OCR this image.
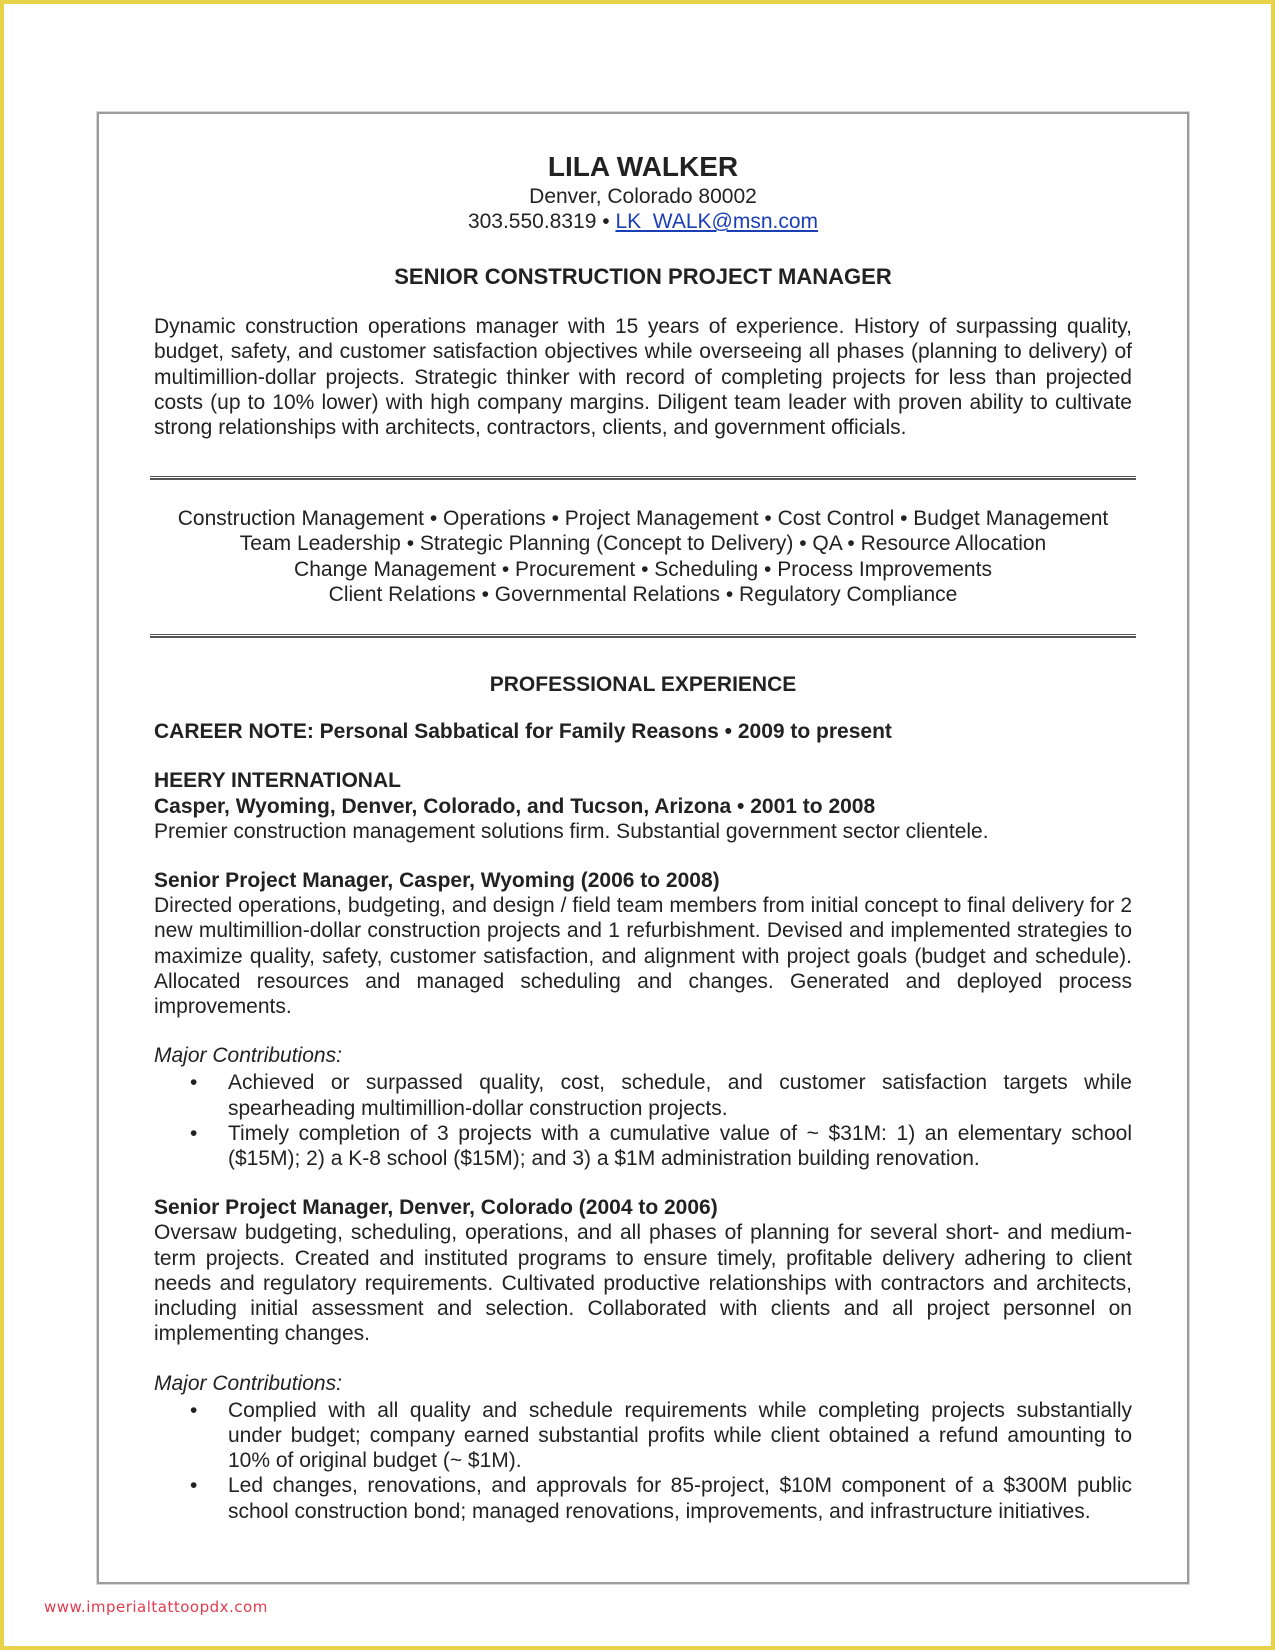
LILA WALKER
Denver, Colorado 80002
303.550.8319 • LK_WALK@msn.com
SENIOR CONSTRUCTION PROJECT MANAGER
Dynamic construction operations manager with 15 years of experience. History of surpassing quality, budget, safety, and customer satisfaction objectives while overseeing all phases (planning to delivery) of multimillion-dollar projects. Strategic thinker with record of completing projects for less than projected costs (up to 10% lower) with high company margins. Diligent team leader with proven ability to cultivate strong relationships with architects, contractors, clients, and government officials.
Construction Management • Operations • Project Management • Cost Control • Budget Management
Team Leadership • Strategic Planning (Concept to Delivery) • QA • Resource Allocation
Change Management • Procurement • Scheduling • Process Improvements
Client Relations • Governmental Relations • Regulatory Compliance
PROFESSIONAL EXPERIENCE
CAREER NOTE: Personal Sabbatical for Family Reasons • 2009 to present
HEERY INTERNATIONAL
Casper, Wyoming, Denver, Colorado, and Tucson, Arizona • 2001 to 2008
Premier construction management solutions firm. Substantial government sector clientele.
Senior Project Manager, Casper, Wyoming (2006 to 2008)
Directed operations, budgeting, and design / field team members from initial concept to final delivery for 2 new multimillion-dollar construction projects and 1 refurbishment. Devised and implemented strategies to maximize quality, safety, customer satisfaction, and alignment with project goals (budget and schedule). Allocated resources and managed scheduling and changes. Generated and deployed process improvements.
Major Contributions:
• Achieved or surpassed quality, cost, schedule, and customer satisfaction targets while spearheading multimillion-dollar construction projects.
• Timely completion of 3 projects with a cumulative value of ~ $31M: 1) an elementary school ($15M); 2) a K-8 school ($15M); and 3) a $1M administration building renovation.
Senior Project Manager, Denver, Colorado (2004 to 2006)
Oversaw budgeting, scheduling, operations, and all phases of planning for several short- and medium-term projects. Created and instituted programs to ensure timely, profitable delivery adhering to client needs and regulatory requirements. Cultivated productive relationships with contractors and architects, including initial assessment and selection. Collaborated with clients and all project personnel on implementing changes.
Major Contributions:
• Complied with all quality and schedule requirements while completing projects substantially under budget; company earned substantial profits while client obtained a refund amounting to 10% of original budget (~ $1M).
• Led changes, renovations, and approvals for 85-project, $10M component of a $300M public school construction bond; managed renovations, improvements, and infrastructure initiatives.
www.imperialtattoopdx.com
